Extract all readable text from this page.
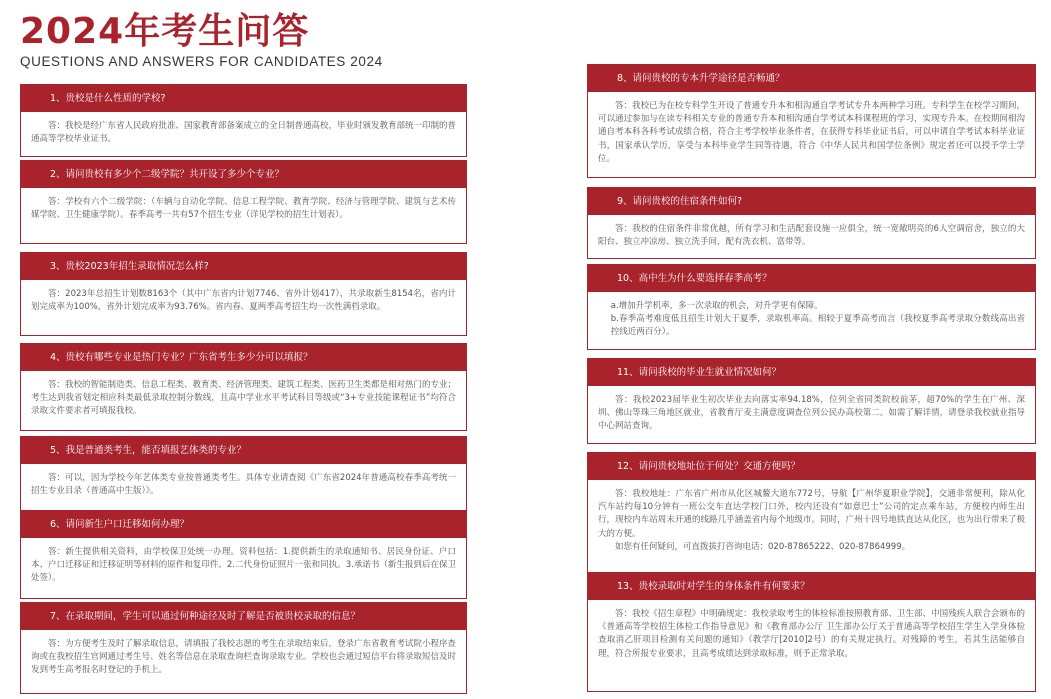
2024年考生问答
QUESTIONS AND ANSWERS FOR CANDIDATES 2024
1、贵校是什么性质的学校?

答：我校是经广东省人民政府批准、国家教育部备案成立的全日制普通高校，毕业时颁发教育部统一印制的普通高等学校毕业证书。

2、请问贵校有多少个二级学院？共开设了多少个专业？

答：学校有六个二级学院：（车辆与自动化学院、信息工程学院、教育学院、经济与管理学院、建筑与艺术传媒学院、卫生健康学院）。春季高考一共有57个招生专业（详见学校的招生计划表）。

3、贵校2023年招生录取情况怎么样?

答：2023年总招生计划数8163个（其中广东省内计划7746、省外计划417），共录取新生8154名，省内计划完成率为100%，省外计划完成率为93.76%。省内春、夏两季高考招生均一次性满档录取。

4、贵校有哪些专业是热门专业？广东省考生多少分可以填报？

答：我校的智能制造类、信息工程类、教育类、经济管理类、建筑工程类、医药卫生类都是相对热门的专业；考生达到我省划定相应科类最低录取控制分数线，且高中学业水平考试科目等级或“3+专业技能课程证书”均符合录取文件要求者可填报我校。

5、我是普通类考生，能否填报艺体类的专业？

答：可以，因为学校今年艺体类专业按普通类考生。具体专业请查阅《广东省2024年普通高校春季高考统一招生专业目录（普通高中生版）》。

6、请问新生户口迁移如何办理？

答：新生提供相关资料，由学校保卫处统一办理。资料包括：1.提供新生的录取通知书、居民身份证、户口本、户口迁移证和迁移证明等材料的原件和复印件。2.二代身份证照片一张和同执。3.承诺书（新生报到后在保卫处签）。

7、在录取期间，学生可以通过何种途径及时了解是否被贵校录取的信息？

答：为方便考生及时了解录取信息，请填报了我校志愿的考生在录取结束后，登录广东省教育考试院小程序查询或在我校招生官网通过考生号、姓名等信息在录取查询栏查询录取专业。学校也会通过短信平台将录取短信及时发到考生高考报名时登记的手机上。

8、请问贵校的专本升学途径是否畅通？

答：我校已为在校专科学生开设了普通专升本和相沟通自学考试专升本两种学习班。专科学生在校学习期间，可以通过参加与在读专科相关专业的普通专升本和相沟通自学考试本科课程班的学习，实现专升本。在校期间相沟通自考本科各科考试成绩合格，符合主考学校毕业条件者，在获得专科毕业证书后，可以申请自学考试本科毕业证书，国家承认学历，享受与本科毕业学生同等待遇，符合《中华人民共和国学位条例》规定者还可以授予学士学位。

9、请问贵校的住宿条件如何?

答：我校的住宿条件非常优越，所有学习和生活配套设施一应俱全，统一宽敞明亮的6人空调宿舍，独立的大阳台、独立冲凉房、独立洗手间，配有洗衣机、富带等。

10、高中生为什么要选择春季高考？

a.增加升学机率，多一次录取的机会，对升学更有保障。

b.春季高考难度低且招生计划大于夏季，录取机率高。相较于夏季高考而言（我校夏季高考录取分数线高出省控线近两百分）。

11、请问我校的毕业生就业情况如何？

答：我校2023届毕业生初次毕业去向落实率94.18%，位列全省同类院校前茅，超70%的学生在广州、深圳、佛山等珠三角地区就业，省教育厅麦主满意度调查位列公民办高校第二。如需了解详情，请登录我校就业指导中心网站查询。

12、请问贵校地址位于何处？交通方便吗？

答：我校地址：广东省广州市从化区城鳌大道东772号，导航【广州华夏职业学院】，交通非常便利，除从化汽车站约每10分钟有一班公交车直达学校门口外，校内还设有“如意巴士”公司的定点乘车站，方便校内师生出行，现校内车站周末开通的线路几乎涵盖省内每个地级市。同时，广州十四号地铁直达从化区，也为出行带来了极大的方便。

如您有任何疑问，可直拨拔打咨询电话：020-87865222、020-87864999。

13、贵校录取时对学生的身体条件有何要求？

答：我校《招生章程》中明确规定：我校录取考生的体检标准按照教育部、卫生部、中国残疾人联合会颁布的《普通高等学校招生体检工作指导意见》和《教育部办公厅 卫生部办公厅关于普通高等学校招生学生入学身体检查取消乙肝项目检测有关问题的通知》（教学厅[2010]2号）的有关规定执行。对残障的考生，若其生活能够自理，符合所报专业要求，且高考成绩达到录取标准，则予正常录取。
